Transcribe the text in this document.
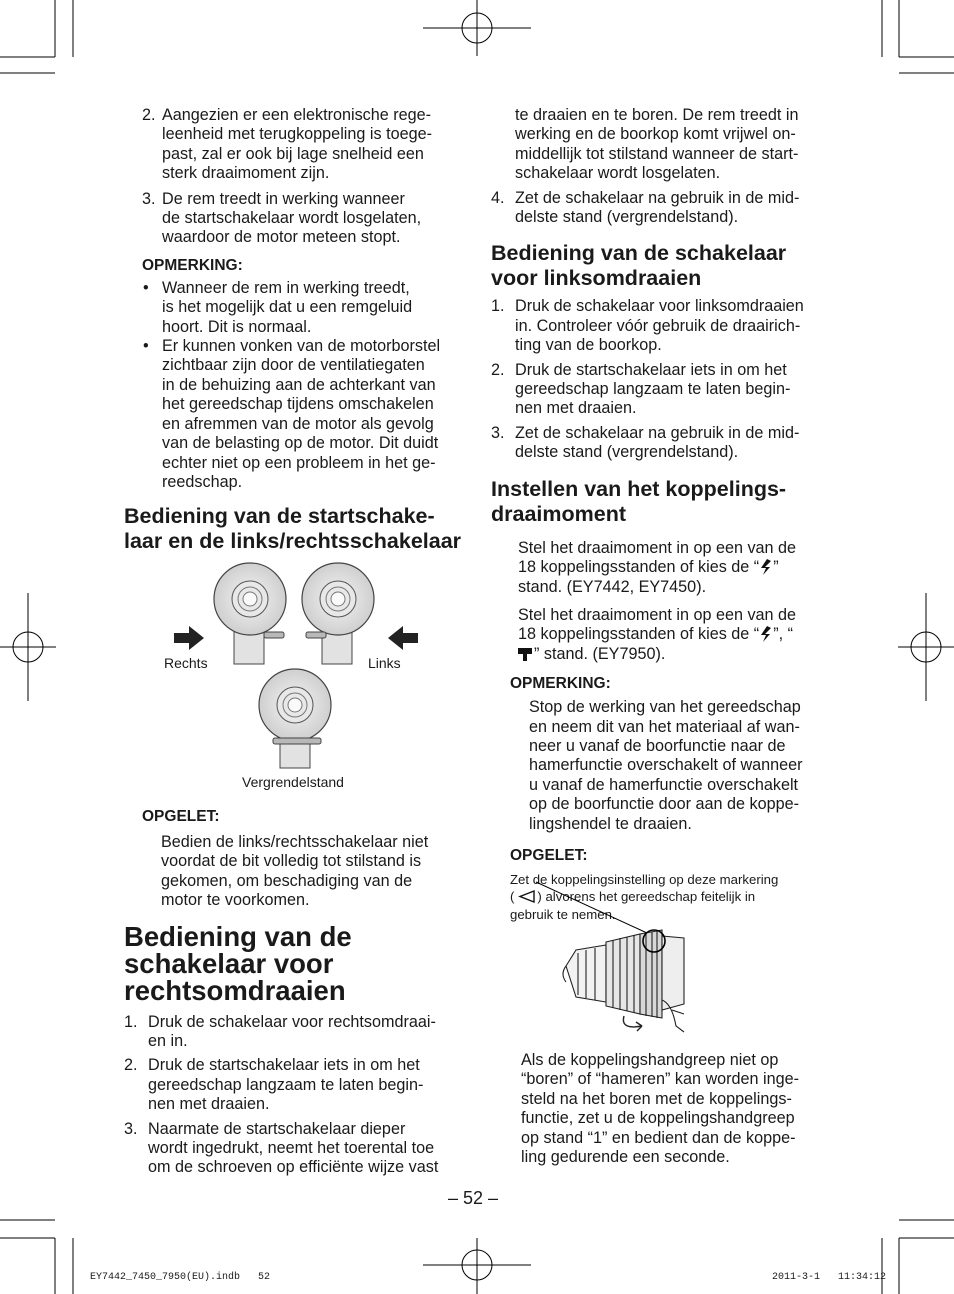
2. Aangezien er een elektronische rege-

leenheid met terugkoppeling is toege-

past, zal er ook bij lage snelheid een

sterk draaimoment zijn.

3. De rem treedt in werking wanneer

de startschakelaar wordt losgelaten,

waardoor de motor meteen stopt.

OPMERKING:

• Wanneer de rem in werking treedt,

is het mogelijk dat u een remgeluid

hoort. Dit is normaal.

• Er kunnen vonken van de motorborstel

zichtbaar zijn door de ventilatiegaten

in de behuizing aan de achterkant van

het gereedschap tijdens omschakelen

en afremmen van de motor als gevolg

van de belasting op de motor. Dit duidt

echter niet op een probleem in het ge-

reedschap.

Bediening van de startschake-

laar en de links/rechtsschakelaar

Rechts	Links

Vergrendelstand

OPGELET:

Bedien de links/rechtsschakelaar niet

voordat de bit volledig tot stilstand is

gekomen, om beschadiging van de

motor te voorkomen.

Bediening van de

schakelaar voor

rechtsomdraaien

1. Druk de schakelaar voor rechtsomdraai-

en in.

2. Druk de startschakelaar iets in om het

gereedschap langzaam te laten begin-

nen met draaien.

3. Naarmate de startschakelaar dieper

wordt ingedrukt, neemt het toerental toe

om de schroeven op efficiënte wijze vast

te draaien en te boren. De rem treedt in

werking en de boorkop komt vrijwel on-

middellijk tot stilstand wanneer de start-

schakelaar wordt losgelaten.

4. Zet de schakelaar na gebruik in de mid-

delste stand (vergrendelstand).

Bediening van de schakelaar

voor linksomdraaien

1. Druk de schakelaar voor linksomdraaien

in. Controleer vóór gebruik de draairich-

ting van de boorkop.

2. Druk de startschakelaar iets in om het

gereedschap langzaam te laten begin-

nen met draaien.

3. Zet de schakelaar na gebruik in de mid-

delste stand (vergrendelstand).

Instellen van het koppelings-

draaimoment

Stel het draaimoment in op een van de

18 koppelingsstanden of kies de “ ”

stand. (EY7442, EY7450).

Stel het draaimoment in op een van de

18 koppelingsstanden of kies de “ ”, “

” stand. (EY7950).

OPMERKING:

Stop de werking van het gereedschap

en neem dit van het materiaal af wan-

neer u vanaf de boorfunctie naar de

hamerfunctie overschakelt of wanneer

u vanaf de hamerfunctie overschakelt

op de boorfunctie door aan de koppe-

lingshendel te draaien.

OPGELET:

Zet de koppelingsinstelling op deze markering

( ) alvorens het gereedschap feitelijk in

gebruik te nemen.

Als de koppelingshandgreep niet op

“boren” of “hameren” kan worden inge-

steld na het boren met de koppelings-

functie, zet u de koppelingshandgreep

op stand “1” en bedient dan de koppe-

ling gedurende een seconde.

– 52 –

EY7442_7450_7950(EU).indb   52	2011-3-1   11:34:12
